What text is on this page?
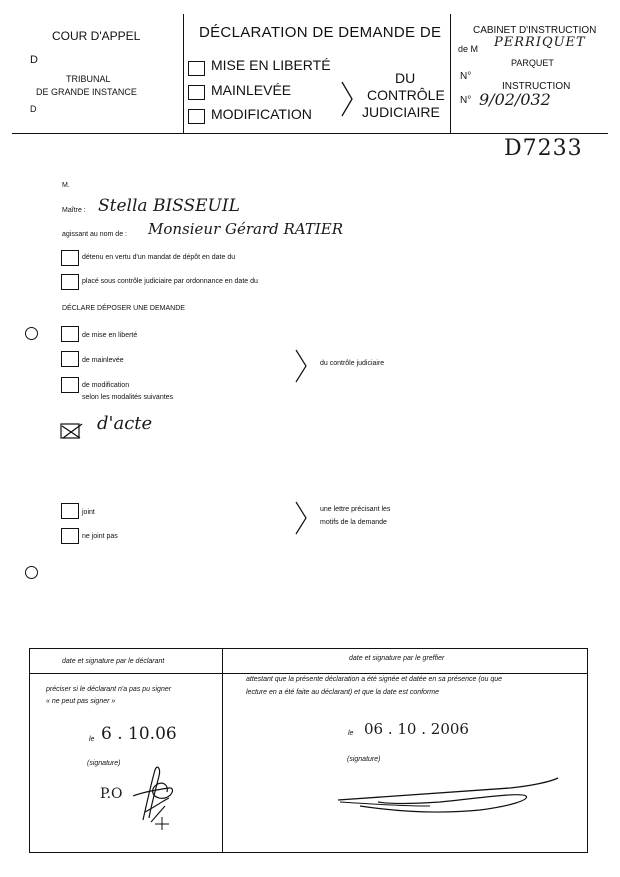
COUR D'APPEL
D
TRIBUNAL
DE GRANDE INSTANCE
D
DÉCLARATION DE DEMANDE DE
MISE EN LIBERTÉ
MAINLEVÉE
MODIFICATION
DU
CONTRÔLE
JUDICIAIRE
CABINET D'INSTRUCTION
de M PERRIQUET
PARQUET
N°
INSTRUCTION
N° 9/02/032
D7233
M.
Maître : Stella BISSEUIL
agissant au nom de : Monsieur Gérard RATIER
détenu en vertu d'un mandat de dépôt en date du
placé sous contrôle judiciaire par ordonnance en date du
DÉCLARE DÉPOSER UNE DEMANDE
de mise en liberté
de mainlevée
de modification
selon les modalités suivantes
du contrôle judiciaire
d'acte
joint
ne joint pas
une lettre précisant les
motifs de la demande
date et signature par le déclarant	date et signature par le greffier
préciser si le déclarant n'a pas pu signer
« ne peut pas signer »
attestant que la présente déclaration a été signée et datée en sa présence (ou que
lecture en a été faite au déclarant) et que la date est conforme
le 6 . 10.06	le 06 . 10 . 2006
(signature)
(signature)
P.O
